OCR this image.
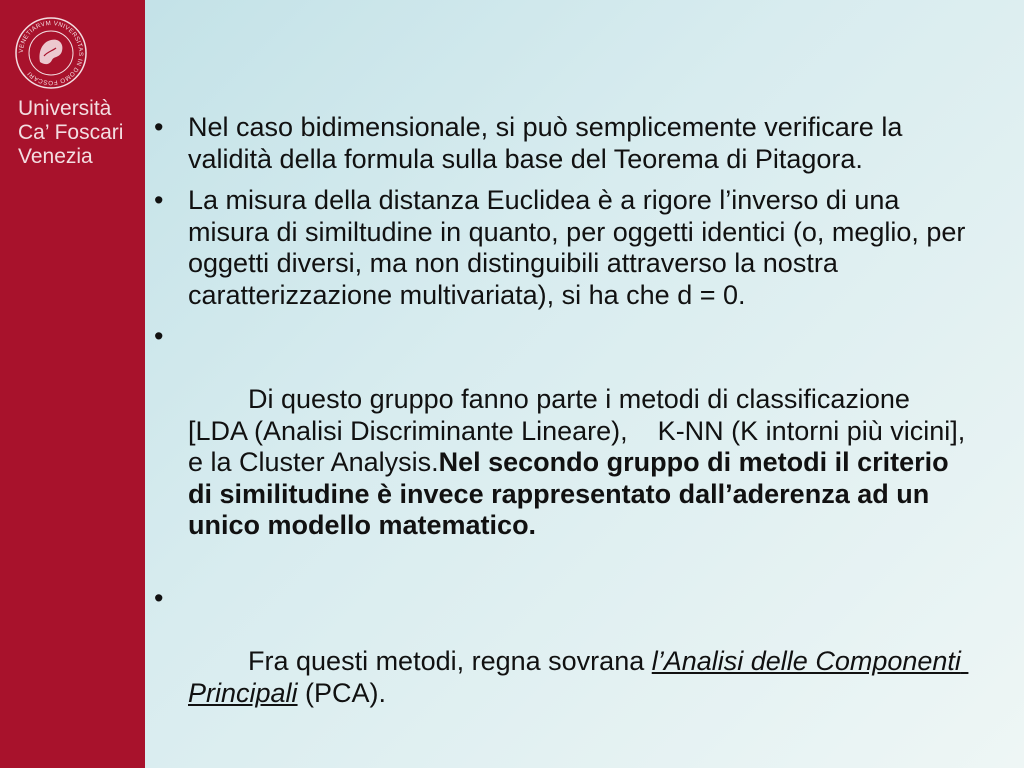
VENETIARVM VNIVERSITAS IN DOMO FOSCARI
Università
Ca’ Foscari
Venezia
• Nel caso bidimensionale, si può semplicemente verificare la validità della formula sulla base del Teorema di Pitagora.
• La misura della distanza Euclidea è a rigore l’inverso di una misura di similtudine in quanto, per oggetti identici (o, meglio, per oggetti diversi, ma non distinguibili attraverso la nostra caratterizzazione multivariata), si ha che d = 0.

•

Di questo gruppo fanno parte i metodi di classificazione  [LDA (Analisi Discriminante Lineare),    K-NN (K intorni più vicini], e la Cluster Analysis.Nel secondo gruppo di metodi il criterio di similitudine è invece rappresentato dall’aderenza ad un unico modello matematico.

•

Fra questi metodi, regna sovrana l’Analisi delle Componenti Principali (PCA).
